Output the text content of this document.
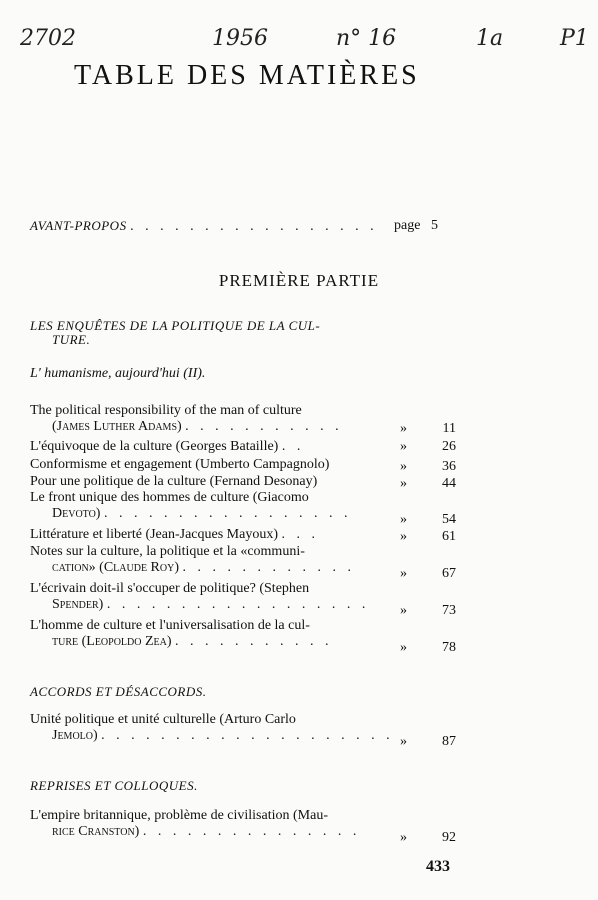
2702	1956	n° 16	1a	P1
TABLE DES MATIÈRES
AVANT-PROPOS . . . . . . . . . . . . . . . . . page 5
PREMIÈRE PARTIE
LES ENQUÊTES DE LA POLITIQUE DE LA CUL-
TURE.
L' humanisme, aujourd'hui (II).
The political responsibility of the man of culture
(James Luther Adams) . . . . . . . . . . .	»	11
L'équivoque de la culture (Georges Bataille) . .	»	26
Conformisme et engagement (Umberto Campagnolo)	»	36
Pour une politique de la culture (Fernand Desonay)	»	44
Le front unique des hommes de culture (Giacomo
Devoto) . . . . . . . . . . . . . . . . .	»	54
Littérature et liberté (Jean-Jacques Mayoux) . . .	»	61
Notes sur la culture, la politique et la «communi-
cation» (Claude Roy) . . . . . . . . . . . .	»	67
L'écrivain doit-il s'occuper de politique? (Stephen
Spender) . . . . . . . . . . . . . . . . . .	»	73
L'homme de culture et l'universalisation de la cul-
ture (Leopoldo Zea) . . . . . . . . . . .	»	78
ACCORDS ET DÉSACCORDS.
Unité politique et unité culturelle (Arturo Carlo
Jemolo) . . . . . . . . . . . . . . . . . . . . »	87
REPRISES ET COLLOQUES.
L'empire britannique, problème de civilisation (Mau-
rice Cranston) . . . . . . . . . . . . . . .	»	92
433
